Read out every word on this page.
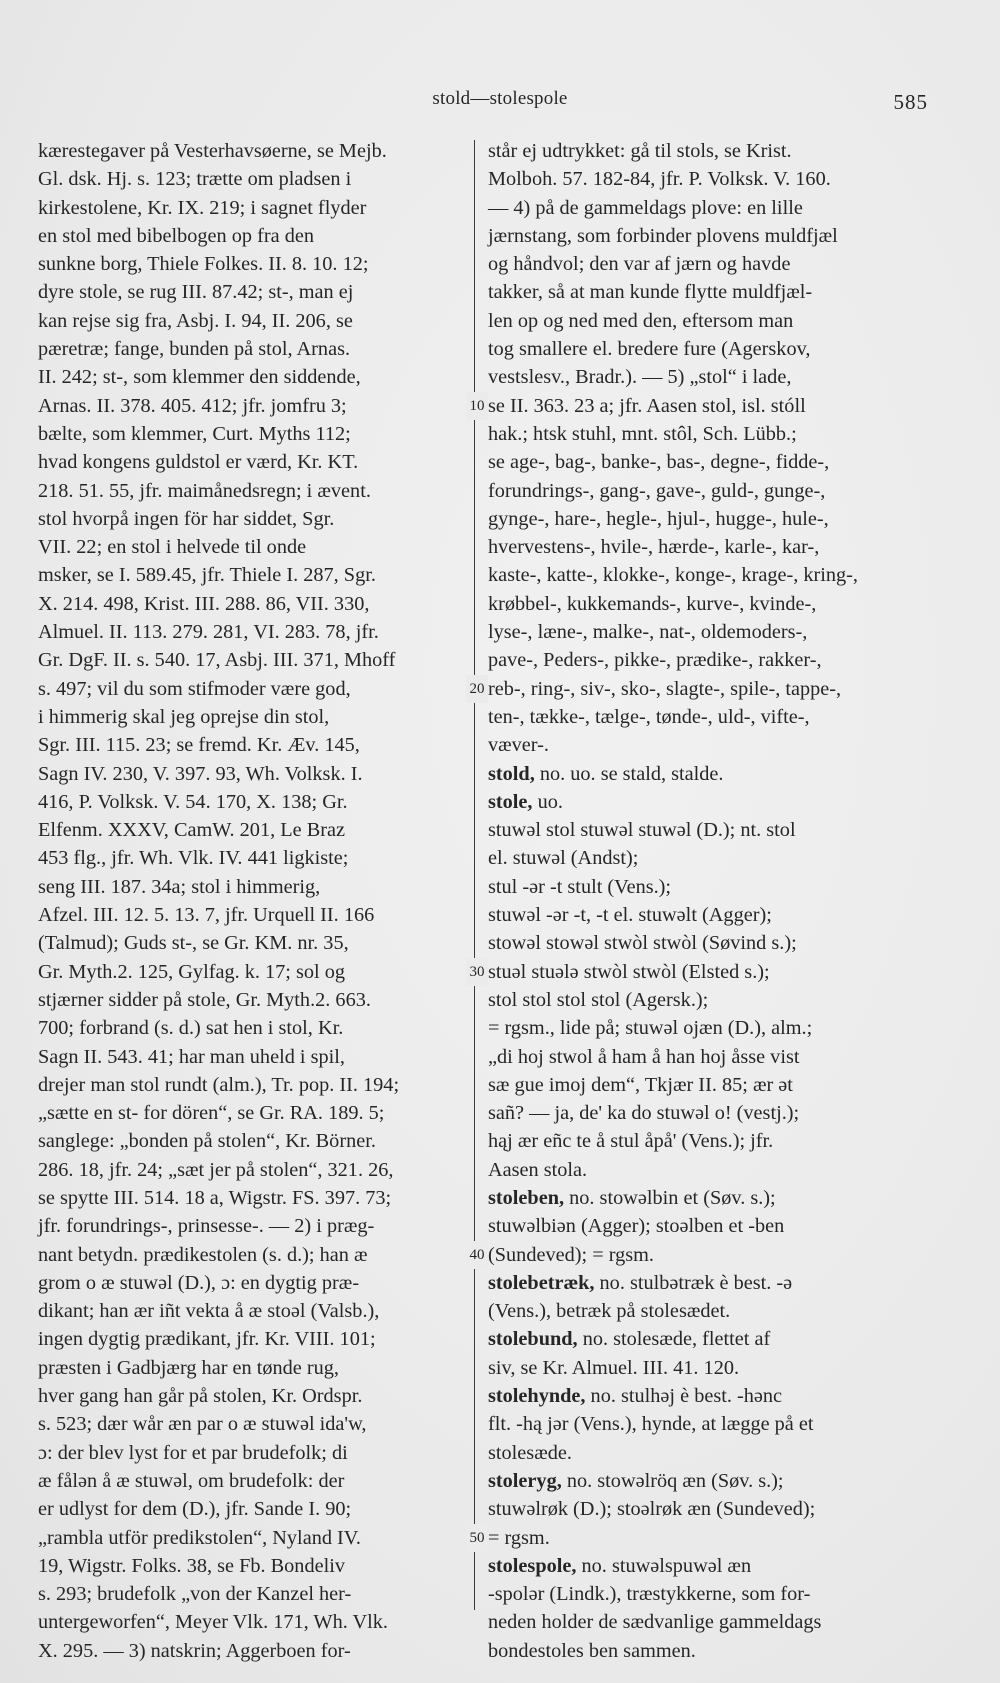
stold—stolespole	585
kærestegaver på Vesterhavsøerne, se Mejb.
Gl. dsk. Hj. s. 123; trætte om pladsen i
kirkestolene, Kr. IX. 219; i sagnet flyder
en stol med bibelbogen op fra den
sunkne borg, Thiele Folkes. II. 8. 10. 12;
dyre stole, se rug III. 87.42; st-, man ej
kan rejse sig fra, Asbj. I. 94, II. 206, se
pæretræ; fange, bunden på stol, Arnas.
II. 242; st-, som klemmer den siddende,
Arnas. II. 378. 405. 412; jfr. jomfru 3;
bælte, som klemmer, Curt. Myths 112;
hvad kongens guldstol er værd, Kr. KT.
218. 51. 55, jfr. maimånedsregn; i ævent.
stol hvorpå ingen för har siddet, Sgr.
VII. 22; en stol i helvede til onde
msker, se I. 589.45, jfr. Thiele I. 287, Sgr.
X. 214. 498, Krist. III. 288. 86, VII. 330,
Almuel. II. 113. 279. 281, VI. 283. 78, jfr.
Gr. DgF. II. s. 540. 17, Asbj. III. 371, Mhoff
s. 497; vil du som stifmoder være god,
i himmerig skal jeg oprejse din stol,
Sgr. III. 115. 23; se fremd. Kr. Æv. 145,
Sagn IV. 230, V. 397. 93, Wh. Volksk. I.
416, P. Volksk. V. 54. 170, X. 138; Gr.
Elfenm. XXXV, CamW. 201, Le Braz
453 flg., jfr. Wh. Vlk. IV. 441 ligkiste;
seng III. 187. 34a; stol i himmerig,
Afzel. III. 12. 5. 13. 7, jfr. Urquell II. 166
(Talmud); Guds st-, se Gr. KM. nr. 35,
Gr. Myth.2. 125, Gylfag. k. 17; sol og
stjærner sidder på stole, Gr. Myth.2. 663.
700; forbrand (s. d.) sat hen i stol, Kr.
Sagn II. 543. 41; har man uheld i spil,
drejer man stol rundt (alm.), Tr. pop. II. 194;
„sætte en st- for dören“, se Gr. RA. 189. 5;
sanglege: „bonden på stolen“, Kr. Börner.
286. 18, jfr. 24; „sæt jer på stolen“, 321. 26,
se spytte III. 514. 18 a, Wigstr. FS. 397. 73;
jfr. forundrings-, prinsesse-. — 2) i præg-
nant betydn. prædikestolen (s. d.); han æ
grom o æ stuwəl (D.), ɔ: en dygtig præ-
dikant; han ær iñt vekta å æ stoəl (Valsb.),
ingen dygtig prædikant, jfr. Kr. VIII. 101;
præsten i Gadbjærg har en tønde rug,
hver gang han går på stolen, Kr. Ordspr.
s. 523; dær wår æn par o æ stuwəl ida'w,
ɔ: der blev lyst for et par brudefolk; di
æ fålən å æ stuwəl, om brudefolk: der
er udlyst for dem (D.), jfr. Sande I. 90;
„rambla utför predikstolen“, Nyland IV.
19, Wigstr. Folks. 38, se Fb. Bondeliv
s. 293; brudefolk „von der Kanzel her-
untergeworfen“, Meyer Vlk. 171, Wh. Vlk.
X. 295. — 3) natskrin; Aggerboen for-
står ej udtrykket: gå til stols, se Krist.
Molboh. 57. 182-84, jfr. P. Volksk. V. 160.
— 4) på de gammeldags plove: en lille
jærnstang, som forbinder plovens muldfjæl
og håndvol; den var af jærn og havde
takker, så at man kunde flytte muldfjæl-
len op og ned med den, eftersom man
tog smallere el. bredere fure (Agerskov,
vestslesv., Bradr.). — 5) „stol“ i lade,
se II. 363. 23 a; jfr. Aasen stol, isl. stóll
hak.; htsk stuhl, mnt. stôl, Sch. Lübb.;
se age-, bag-, banke-, bas-, degne-, fidde-,
forundrings-, gang-, gave-, guld-, gunge-,
gynge-, hare-, hegle-, hjul-, hugge-, hule-,
hvervestens-, hvile-, hærde-, karle-, kar-,
kaste-, katte-, klokke-, konge-, krage-, kring-,
krøbbel-, kukkemands-, kurve-, kvinde-,
lyse-, læne-, malke-, nat-, oldemoders-,
pave-, Peders-, pikke-, prædike-, rakker-,
reb-, ring-, siv-, sko-, slagte-, spile-, tappe-,
ten-, tække-, tælge-, tønde-, uld-, vifte-,
væver-.
stold, no. uo. se stald, stalde.
stole, uo.
stuwəl stol stuwəl stuwəl (D.); nt. stol
el. stuwəl (Andst);
stul -ər -t stult (Vens.);
stuwəl -ər -t, -t el. stuwəlt (Agger);
stowəl stowəl stwòl stwòl (Søvind s.);
stuəl stuələ stwòl stwòl (Elsted s.);
stol stol stol stol (Agersk.);
= rgsm., lide på; stuwəl ojæn (D.), alm.;
„di hoj stwol å ham å han hoj åsse vist
sæ gue imoj dem“, Tkjær II. 85; ær ət
sañ? — ja, de' ka do stuwəl o! (vestj.);
hąj ær eñc te å stul åpå' (Vens.); jfr.
Aasen stola.
stoleben, no. stowəlbin et (Søv. s.);
stuwəlbiən (Agger); stoəlben et -ben
(Sundeved); = rgsm.
stolebetræk, no. stulbətræk è best. -ə
(Vens.), betræk på stolesædet.
stolebund, no. stolesæde, flettet af
siv, se Kr. Almuel. III. 41. 120.
stolehynde, no. stulhəj è best. -hənc
flt. -hą jər (Vens.), hynde, at lægge på et
stolesæde.
stoleryg, no. stowəlröq æn (Søv. s.);
stuwəlrøk (D.); stoəlrøk æn (Sundeved);
= rgsm.
stolespole, no. stuwəlspuwəl æn
-spolər (Lindk.), træstykkerne, som for-
neden holder de sædvanlige gammeldags
bondestoles ben sammen.
10
20
30
40
50
